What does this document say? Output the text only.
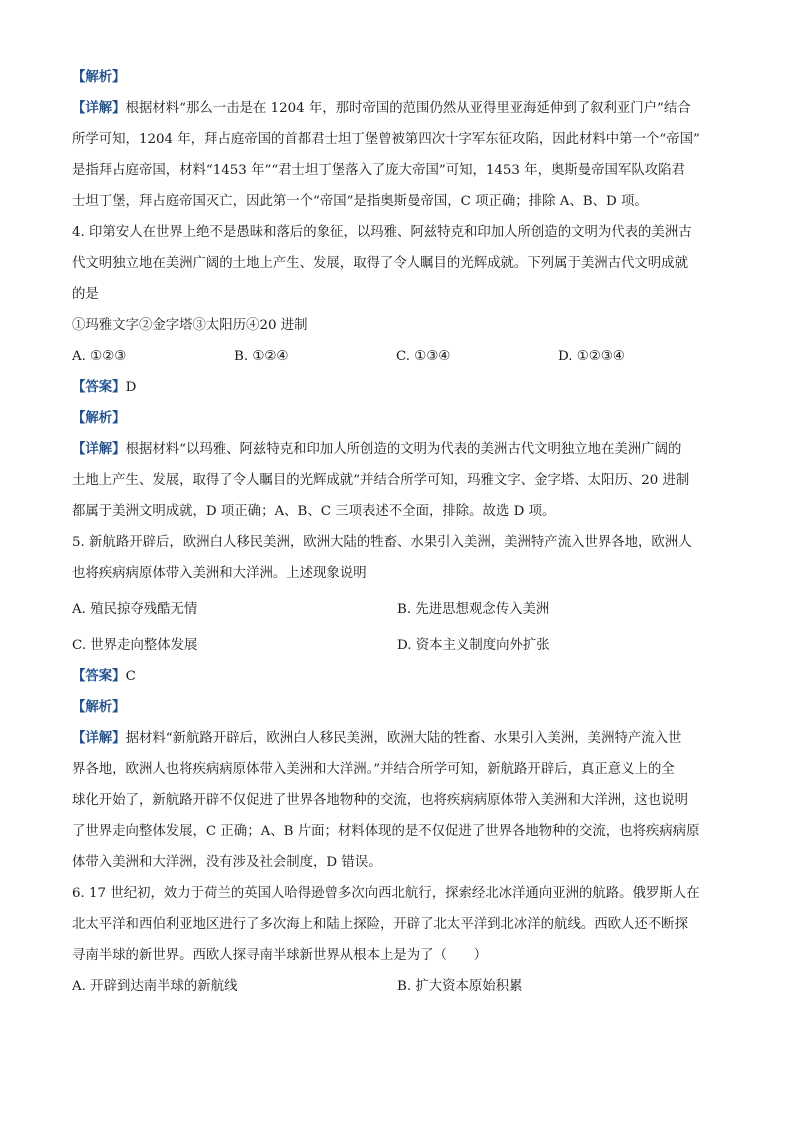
【解析】
【详解】根据材料“那么一击是在 1204 年，那时帝国的范围仍然从亚得里亚海延伸到了叙利亚门户”结合
所学可知，1204 年，拜占庭帝国的首都君士坦丁堡曾被第四次十字军东征攻陷，因此材料中第一个“帝国”
是指拜占庭帝国，材料“1453 年”“君士坦丁堡落入了庞大帝国”可知，1453 年，奥斯曼帝国军队攻陷君
士坦丁堡，拜占庭帝国灭亡，因此第一个“帝国”是指奥斯曼帝国，C 项正确；排除 A、B、D 项。
4. 印第安人在世界上绝不是愚昧和落后的象征，以玛雅、阿兹特克和印加人所创造的文明为代表的美洲古
代文明独立地在美洲广阔的土地上产生、发展，取得了令人瞩目的光辉成就。下列属于美洲古代文明成就
的是
①玛雅文字②金字塔③太阳历④20 进制
A. ①②③	B. ①②④	C. ①③④	D. ①②③④
【答案】D
【解析】
【详解】根据材料“以玛雅、阿兹特克和印加人所创造的文明为代表的美洲古代文明独立地在美洲广阔的
土地上产生、发展，取得了令人瞩目的光辉成就”并结合所学可知，玛雅文字、金字塔、太阳历、20 进制
都属于美洲文明成就，D 项正确；A、B、C 三项表述不全面，排除。故选 D 项。
5. 新航路开辟后，欧洲白人移民美洲，欧洲大陆的牲畜、水果引入美洲，美洲特产流入世界各地，欧洲人
也将疾病病原体带入美洲和大洋洲。上述现象说明
A. 殖民掠夺残酷无情	B. 先进思想观念传入美洲
C. 世界走向整体发展	D. 资本主义制度向外扩张
【答案】C
【解析】
【详解】据材料“新航路开辟后，欧洲白人移民美洲，欧洲大陆的牲畜、水果引入美洲，美洲特产流入世
界各地，欧洲人也将疾病病原体带入美洲和大洋洲。”并结合所学可知，新航路开辟后，真正意义上的全
球化开始了，新航路开辟不仅促进了世界各地物种的交流，也将疾病病原体带入美洲和大洋洲，这也说明
了世界走向整体发展，C 正确；A、B 片面；材料体现的是不仅促进了世界各地物种的交流，也将疾病病原
体带入美洲和大洋洲，没有涉及社会制度，D 错误。
6. 17 世纪初，效力于荷兰的英国人哈得逊曾多次向西北航行，探索经北冰洋通向亚洲的航路。俄罗斯人在
北太平洋和西伯利亚地区进行了多次海上和陆上探险，开辟了北太平洋到北冰洋的航线。西欧人还不断探
寻南半球的新世界。西欧人探寻南半球新世界从根本上是为了（　　）
A. 开辟到达南半球的新航线	B. 扩大资本原始积累
